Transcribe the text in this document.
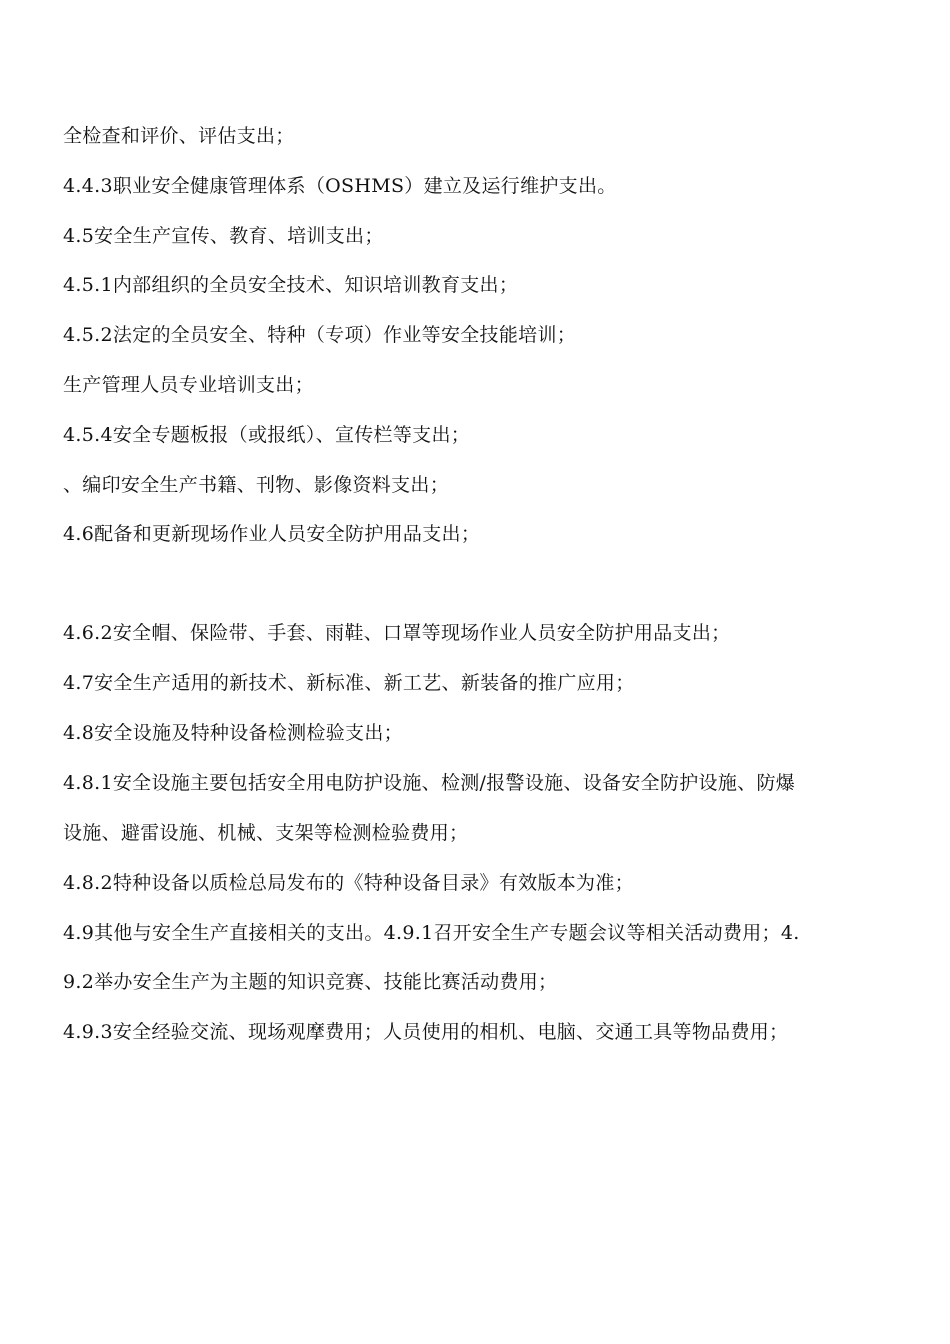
全检查和评价、评估支出；
4.4.3职业安全健康管理体系（OSHMS）建立及运行维护支出。
4.5安全生产宣传、教育、培训支出；
4.5.1内部组织的全员安全技术、知识培训教育支出；
4.5.2法定的全员安全、特种（专项）作业等安全技能培训；
生产管理人员专业培训支出；
4.5.4安全专题板报（或报纸）、宣传栏等支出；
、编印安全生产书籍、刊物、影像资料支出；
4.6配备和更新现场作业人员安全防护用品支出；
4.6.2安全帽、保险带、手套、雨鞋、口罩等现场作业人员安全防护用品支出；
4.7安全生产适用的新技术、新标准、新工艺、新装备的推广应用；
4.8安全设施及特种设备检测检验支出；
4.8.1安全设施主要包括安全用电防护设施、检测/报警设施、设备安全防护设施、防爆
设施、避雷设施、机械、支架等检测检验费用；
4.8.2特种设备以质检总局发布的《特种设备目录》有效版本为准；
4.9其他与安全生产直接相关的支出。4.9.1召开安全生产专题会议等相关活动费用；4.
9.2举办安全生产为主题的知识竞赛、技能比赛活动费用；
4.9.3安全经验交流、现场观摩费用；人员使用的相机、电脑、交通工具等物品费用；
